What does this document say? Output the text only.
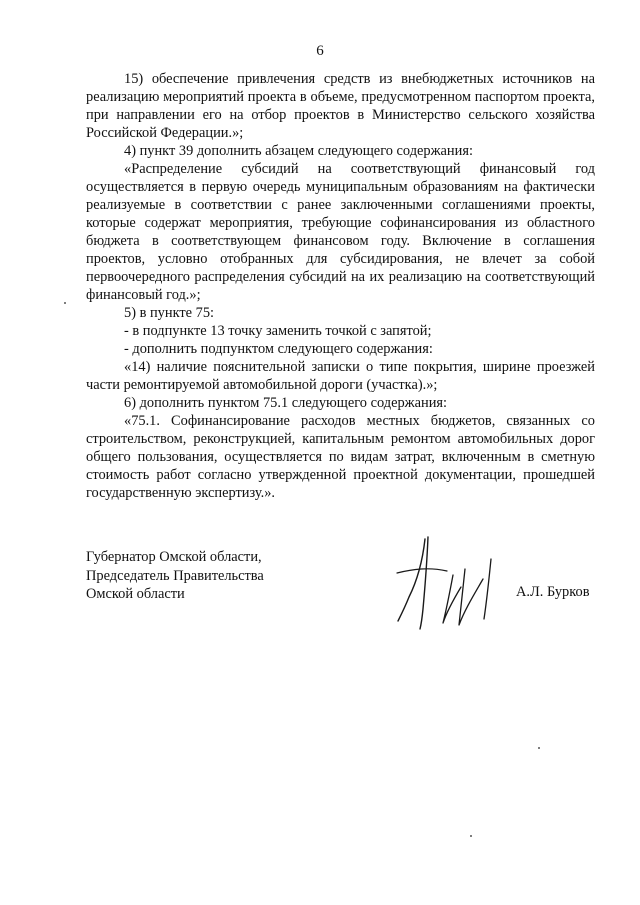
6

15) обеспечение привлечения средств из внебюджетных источников на реализацию мероприятий проекта в объеме, предусмотренном паспортом проекта, при направлении его на отбор проектов в Министерство сельского хозяйства Российской Федерации.»;

4) пункт 39 дополнить абзацем следующего содержания:

«Распределение субсидий на соответствующий финансовый год осуществляется в первую очередь муниципальным образованиям на фактически реализуемые в соответствии с ранее заключенными соглашениями проекты, которые содержат мероприятия, требующие софинансирования из областного бюджета в соответствующем финансовом году. Включение в соглашения проектов, условно отобранных для субсидирования, не влечет за собой первоочередного распределения субсидий на их реализацию на соответствующий финансовый год.»;

5) в пункте 75:

- в подпункте 13 точку заменить точкой с запятой;

- дополнить подпунктом следующего содержания:

«14) наличие пояснительной записки о типе покрытия, ширине проезжей части ремонтируемой автомобильной дороги (участка).»;

6) дополнить пунктом 75.1 следующего содержания:

«75.1. Софинансирование расходов местных бюджетов, связанных со строительством, реконструкцией, капитальным ремонтом автомобильных дорог общего пользования, осуществляется по видам затрат, включенным в сметную стоимость работ согласно утвержденной проектной документации, прошедшей государственную экспертизу.».

Губернатор Омской области,
Председатель Правительства
Омской области	А.Л. Бурков
